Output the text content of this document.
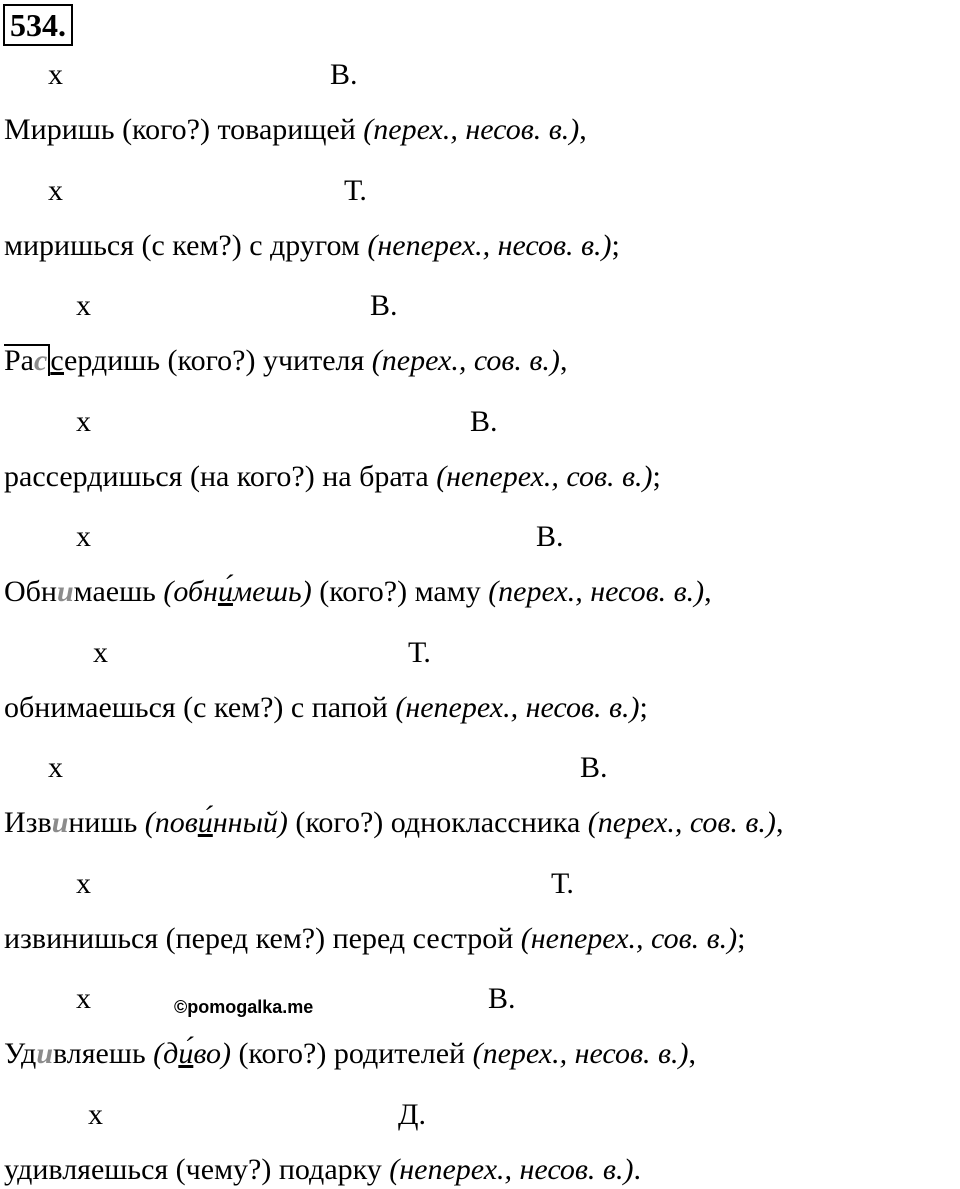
534.
х	В.
Миришь (кого?) товарищей (перех., несов. в.),
х	Т.
миришься (с кем?) с другом (неперех., несов. в.);
х	В.
Рас сердишь (кого?) учителя (перех., сов. в.),
х	В.
рассердишься (на кого?) на брата (неперех., сов. в.);
х	В.
Обнимаешь (обни ́мешь) (кого?) маму (перех., несов. в.),
х	Т.
обнимаешься (с кем?) с папой (неперех., несов. в.);
х	В.
Извинишь (пови ́нный) (кого?) одноклассника (перех., сов. в.),
х	Т.
извинишься (перед кем?) перед сестрой (неперех., сов. в.);
х	В.
Удивляешь (ди ́во) (кого?) родителей (перех., несов. в.),
х	Д.
удивляешься (чему?) подарку (неперех., несов. в.).
©pomogalka.me
